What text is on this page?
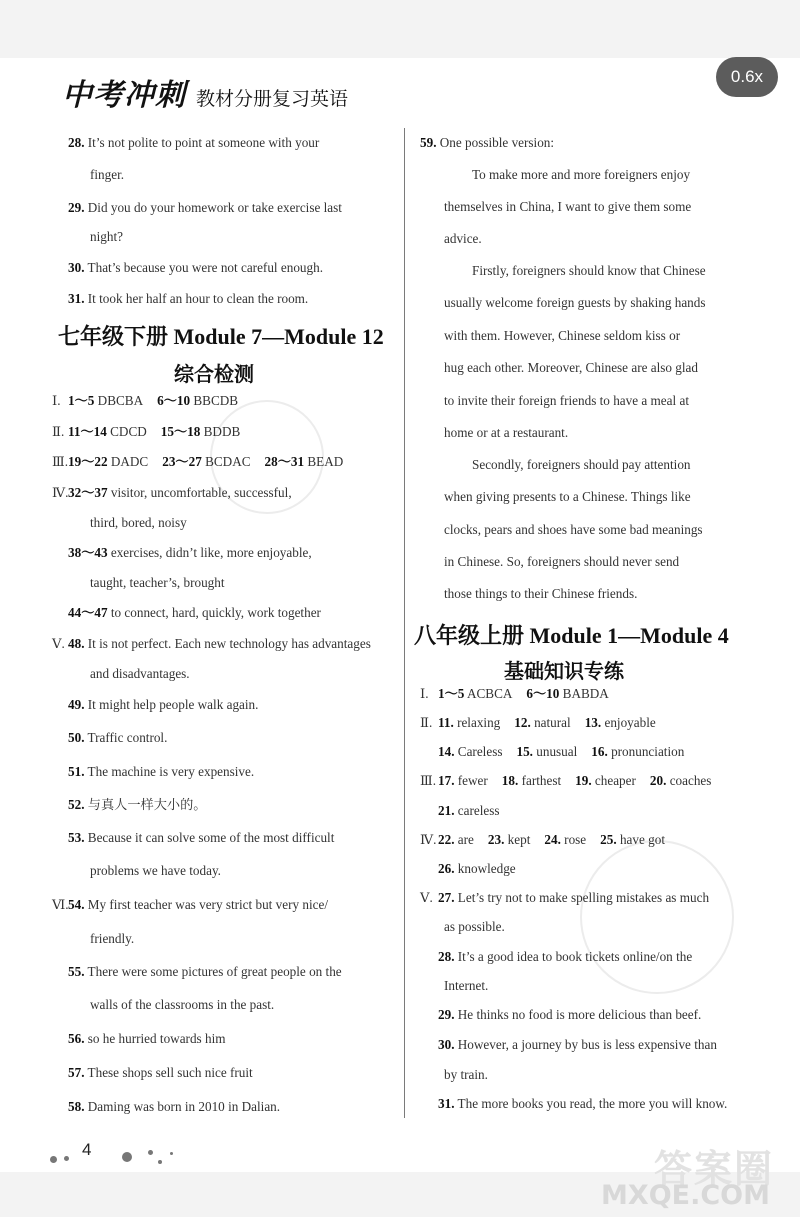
0.6x
中考冲刺 教材分册复习英语
28. It’s not polite to point at someone with your
finger.
29. Did you do your homework or take exercise last
night?
30. That’s because you were not careful enough.
31. It took her half an hour to clean the room.
七年级下册 Module 7—Module 12
综合检测
Ⅰ. 1～5 DBCBA 6～10 BBCDB
Ⅱ. 11～14 CDCD 15～18 BDDB
Ⅲ.19～22 DADC 23～27 BCDAC 28～31 BEAD
Ⅳ.32～37 visitor, uncomfortable, successful,
third, bored, noisy
38～43 exercises, didn’t like, more enjoyable,
taught, teacher’s, brought
44～47 to connect, hard, quickly, work together
Ⅴ. 48. It is not perfect. Each new technology has advantages
and disadvantages.
49. It might help people walk again.
50. Traffic control.
51. The machine is very expensive.
52. 与真人一样大小的。
53. Because it can solve some of the most difficult
problems we have today.
Ⅵ.54. My first teacher was very strict but very nice/
friendly.
55. There were some pictures of great people on the
walls of the classrooms in the past.
56. so he hurried towards him
57. These shops sell such nice fruit
58. Daming was born in 2010 in Dalian.
59. One possible version:
To make more and more foreigners enjoy
themselves in China, I want to give them some
advice.
Firstly, foreigners should know that Chinese
usually welcome foreign guests by shaking hands
with them. However, Chinese seldom kiss or
hug each other. Moreover, Chinese are also glad
to invite their foreign friends to have a meal at
home or at a restaurant.
Secondly, foreigners should pay attention
when giving presents to a Chinese. Things like
clocks, pears and shoes have some bad meanings
in Chinese. So, foreigners should never send
those things to their Chinese friends.
八年级上册 Module 1—Module 4
基础知识专练
Ⅰ. 1～5 ACBCA 6～10 BABDA
Ⅱ. 11. relaxing 12. natural 13. enjoyable
14. Careless 15. unusual 16. pronunciation
Ⅲ. 17. fewer 18. farthest 19. cheaper 20. coaches
21. careless
Ⅳ. 22. are 23. kept 24. rose 25. have got
26. knowledge
Ⅴ. 27. Let’s try not to make spelling mistakes as much
as possible.
28. It’s a good idea to book tickets online/on the
Internet.
29. He thinks no food is more delicious than beef.
30. However, a journey by bus is less expensive than
by train.
31. The more books you read, the more you will know.
4	答案圈
MXQE.COM
